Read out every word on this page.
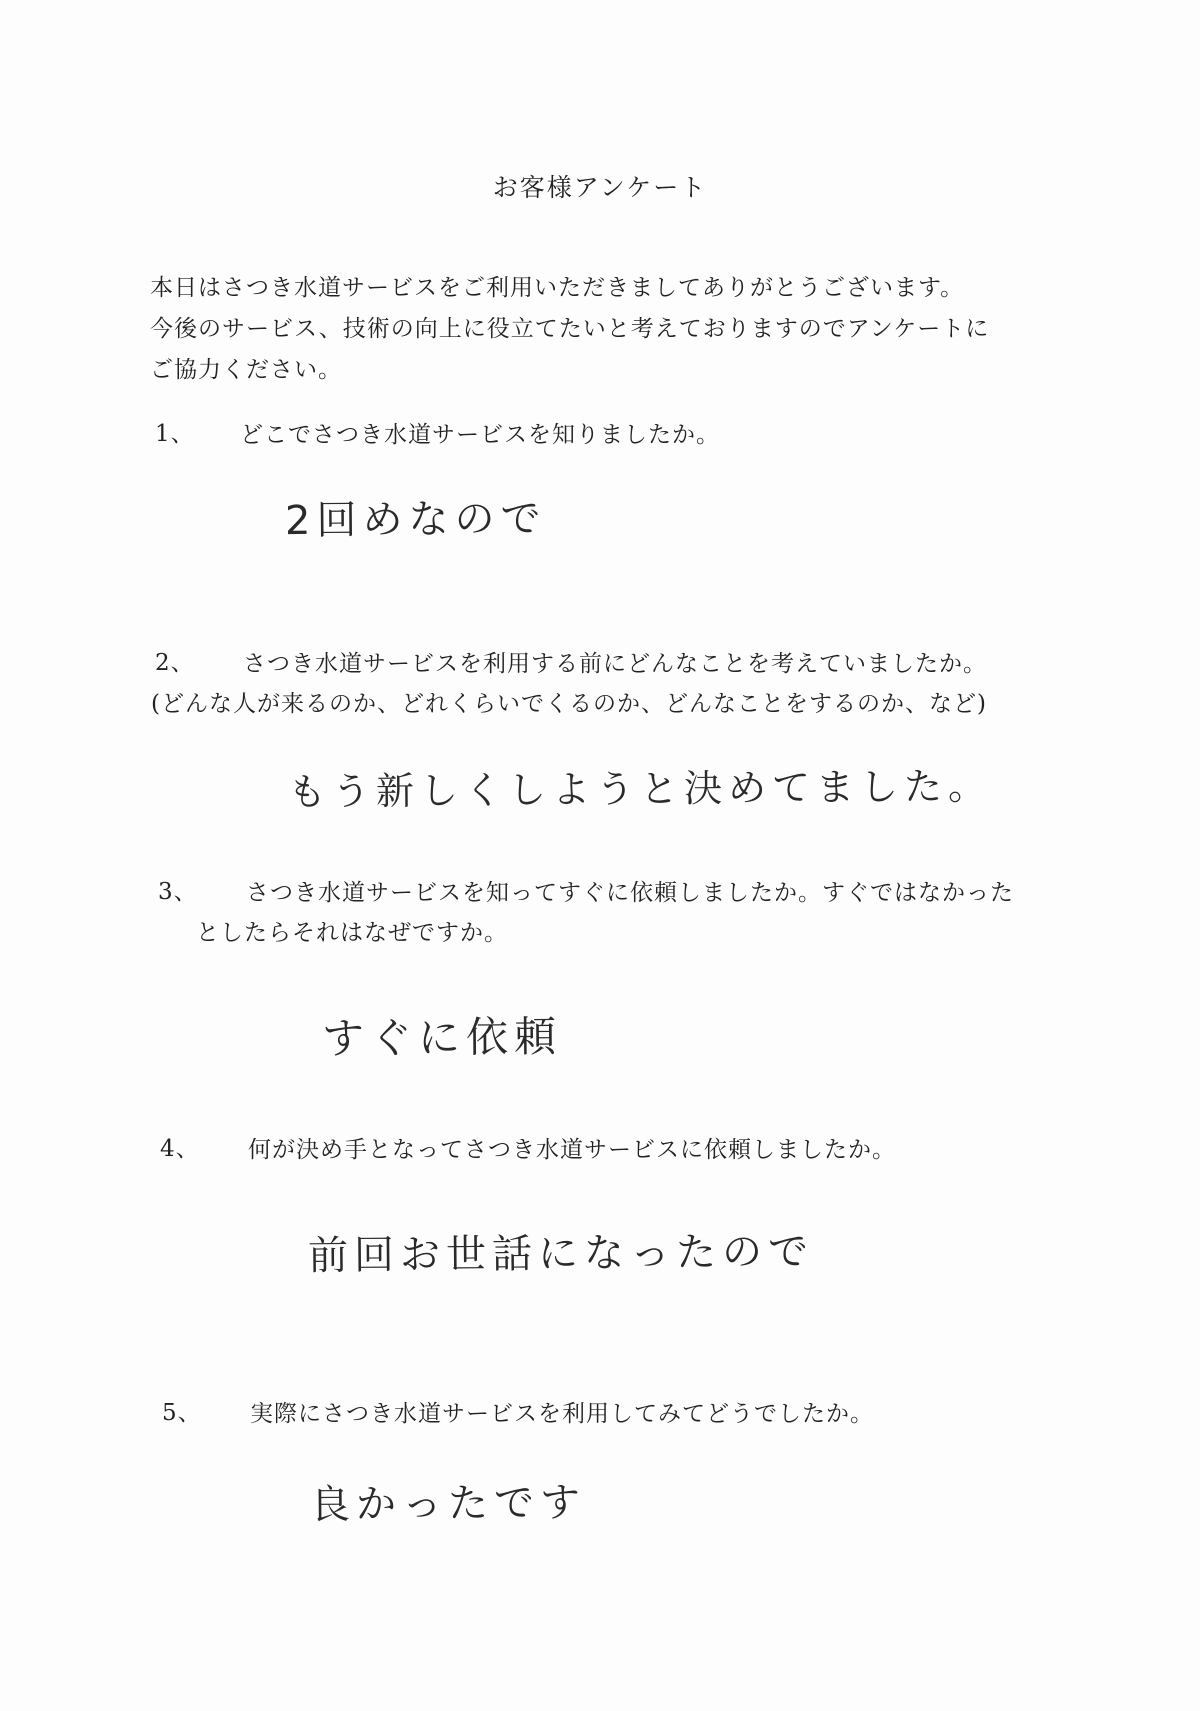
お客様アンケート

本日はさつき水道サービスをご利用いただきましてありがとうございます。

今後のサービス、技術の向上に役立てたいと考えておりますのでアンケートに

ご協力ください。

1、 どこでさつき水道サービスを知りましたか。

2回めなので
2、 さつき水道サービスを利用する前にどんなことを考えていましたか。

(どんな人が来るのか、どれくらいでくるのか、どんなことをするのか、など)

もう新しくしようと決めてました。
3、 さつき水道サービスを知ってすぐに依頼しましたか。すぐではなかった

としたらそれはなぜですか。

すぐに依頼
4、 何が決め手となってさつき水道サービスに依頼しましたか。

前回お世話になったので
5、 実際にさつき水道サービスを利用してみてどうでしたか。

良かったです
